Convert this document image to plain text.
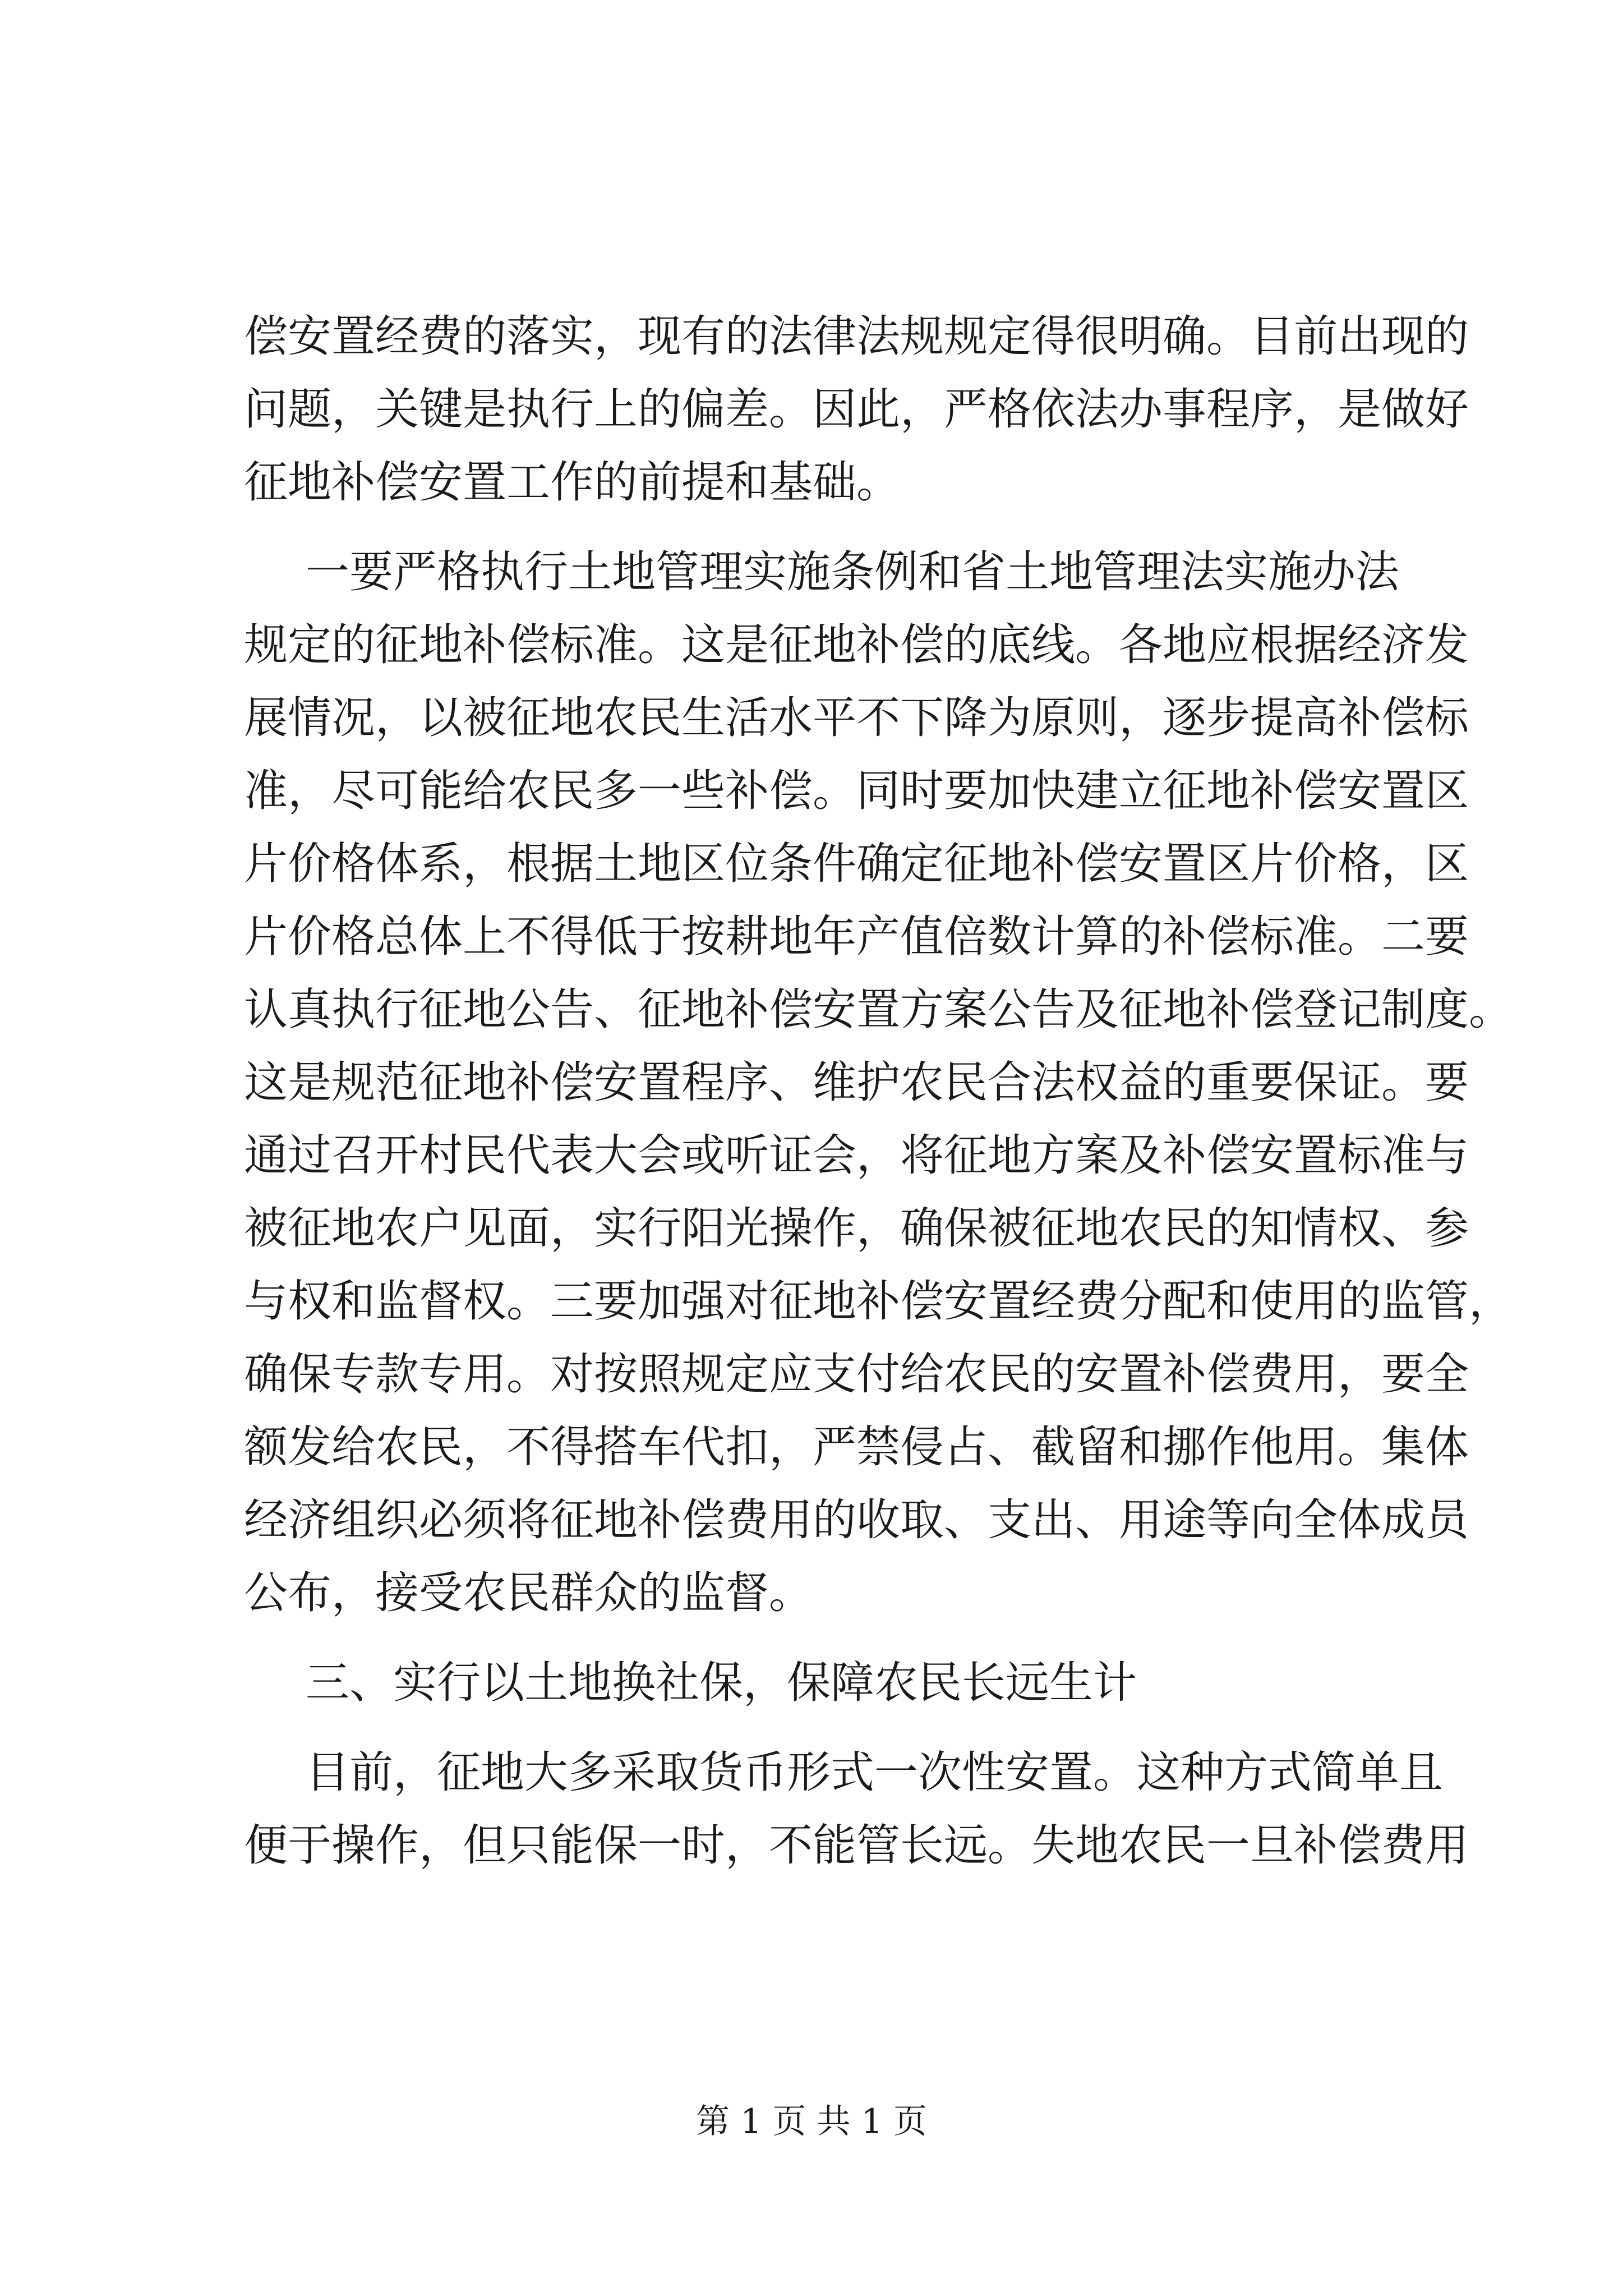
偿安置经费的落实，现有的法律法规规定得很明确。目前出现的
问题，关键是执行上的偏差。因此，严格依法办事程序，是做好
征地补偿安置工作的前提和基础。
一要严格执行土地管理实施条例和省土地管理法实施办法
规定的征地补偿标准。这是征地补偿的底线。各地应根据经济发
展情况，以被征地农民生活水平不下降为原则，逐步提高补偿标
准，尽可能给农民多一些补偿。同时要加快建立征地补偿安置区
片价格体系，根据土地区位条件确定征地补偿安置区片价格，区
片价格总体上不得低于按耕地年产值倍数计算的补偿标准。二要
认真执行征地公告、征地补偿安置方案公告及征地补偿登记制度。
这是规范征地补偿安置程序、维护农民合法权益的重要保证。要
通过召开村民代表大会或听证会，将征地方案及补偿安置标准与
被征地农户见面，实行阳光操作，确保被征地农民的知情权、参
与权和监督权。三要加强对征地补偿安置经费分配和使用的监管，
确保专款专用。对按照规定应支付给农民的安置补偿费用，要全
额发给农民，不得搭车代扣，严禁侵占、截留和挪作他用。集体
经济组织必须将征地补偿费用的收取、支出、用途等向全体成员
公布，接受农民群众的监督。
三、实行以土地换社保，保障农民长远生计
目前，征地大多采取货币形式一次性安置。这种方式简单且
便于操作，但只能保一时，不能管长远。失地农民一旦补偿费用
第 1 页 共 1 页
